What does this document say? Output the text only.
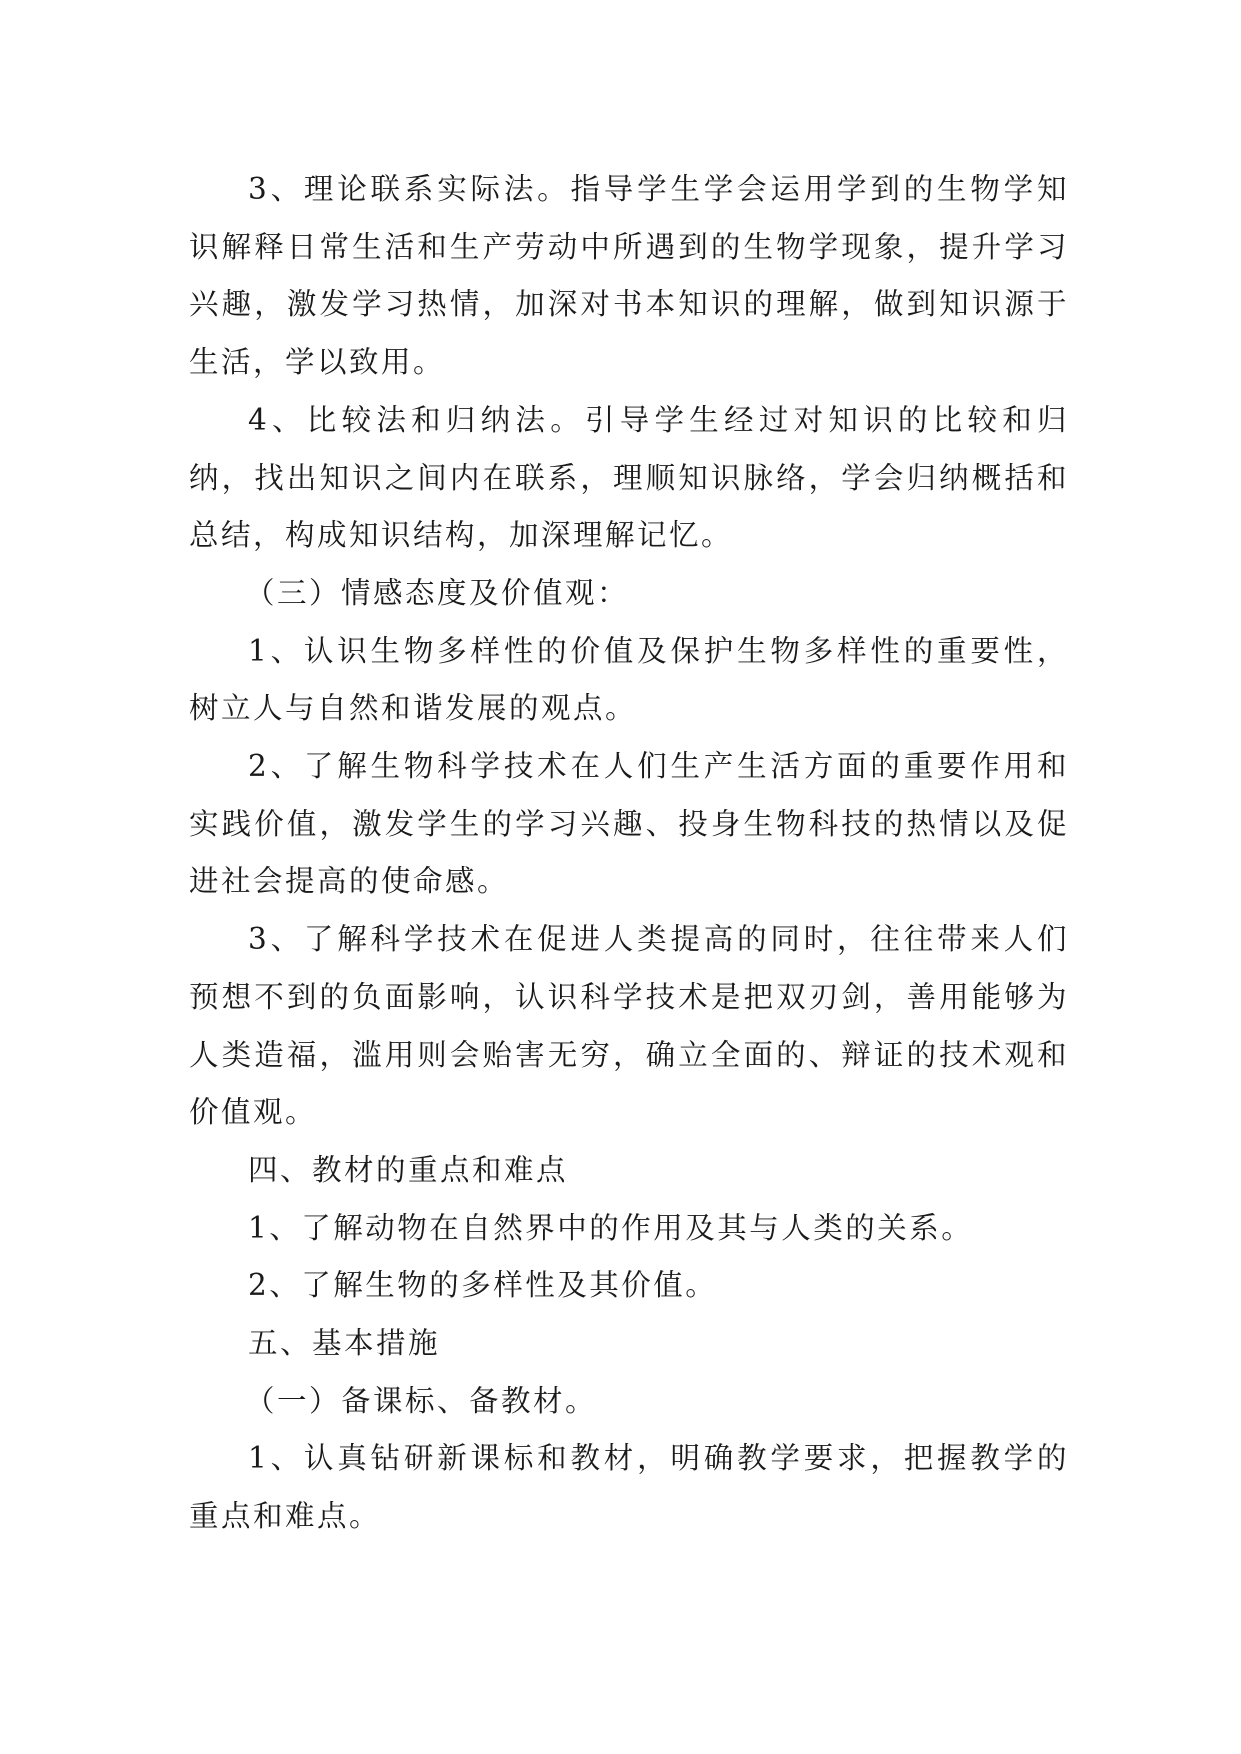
3、理论联系实际法。指导学生学会运用学到的生物学知识解释日常生活和生产劳动中所遇到的生物学现象，提升学习兴趣，激发学习热情，加深对书本知识的理解，做到知识源于生活，学以致用。

4、比较法和归纳法。引导学生经过对知识的比较和归纳，找出知识之间内在联系，理顺知识脉络，学会归纳概括和总结，构成知识结构，加深理解记忆。

（三）情感态度及价值观：

1、认识生物多样性的价值及保护生物多样性的重要性，树立人与自然和谐发展的观点。

2、了解生物科学技术在人们生产生活方面的重要作用和实践价值，激发学生的学习兴趣、投身生物科技的热情以及促进社会提高的使命感。

3、了解科学技术在促进人类提高的同时，往往带来人们预想不到的负面影响，认识科学技术是把双刃剑，善用能够为人类造福，滥用则会贻害无穷，确立全面的、辩证的技术观和价值观。

四、教材的重点和难点

1、了解动物在自然界中的作用及其与人类的关系。

2、了解生物的多样性及其价值。

五、基本措施

（一）备课标、备教材。

1、认真钻研新课标和教材，明确教学要求，把握教学的重点和难点。
